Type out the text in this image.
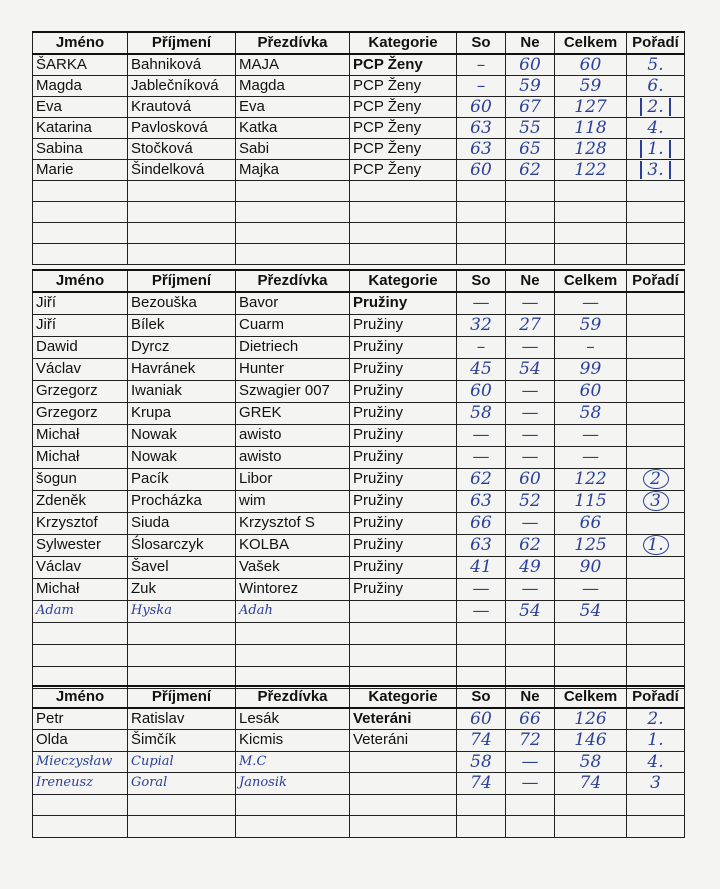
Jméno	Příjmení	Přezdívka	Kategorie	So	Ne	Celkem	Pořadí
ŠARKA	Bahniková	MAJA	PCP Ženy	–	60	60	5.
Magda	Jablečníková	Magda	PCP Ženy	–	59	59	6.
Eva	Krautová	Eva	PCP Ženy	60	67	127	2.
Katarina	Pavlosková	Katka	PCP Ženy	63	55	118	4.
Sabina	Stočková	Sabi	PCP Ženy	63	65	128	1.
Marie	Šindelková	Majka	PCP Ženy	60	62	122	3.

Jméno	Příjmení	Přezdívka	Kategorie	So	Ne	Celkem	Pořadí
Jiří	Bezouška	Bavor	Pružiny	—	—	—	
Jiří	Bílek	Cuarm	Pružiny	32	27	59	
Dawid	Dyrcz	Dietriech	Pružiny	–	—	–	
Václav	Havránek	Hunter	Pružiny	45	54	99	
Grzegorz	Iwaniak	Szwagier 007	Pružiny	60	—	60	
Grzegorz	Krupa	GREK	Pružiny	58	—	58	
Michał	Nowak	awisto	Pružiny	—	—	—	
Michał	Nowak	awisto	Pružiny	—	—	—	
šogun	Pacík	Libor	Pružiny	62	60	122	2
Zdeněk	Procházka	wim	Pružiny	63	52	115	3
Krzysztof	Siuda	Krzysztof S	Pružiny	66	—	66	
Sylwester	Ślosarczyk	KOLBA	Pružiny	63	62	125	1.
Václav	Šavel	Vašek	Pružiny	41	49	90	
Michał	Zuk	Wintorez	Pružiny	—	—	—	
Adam	Hyska	Adah		—	54	54	

Jméno	Příjmení	Přezdívka	Kategorie	So	Ne	Celkem	Pořadí
Petr	Ratislav	Lesák	Veteráni	60	66	126	2.
Olda	Šimčík	Kicmis	Veteráni	74	72	146	1.
Mieczysław	Cupial	M.C		58	—	58	4.
Ireneusz	Goral	Janosik		74	—	74	3
